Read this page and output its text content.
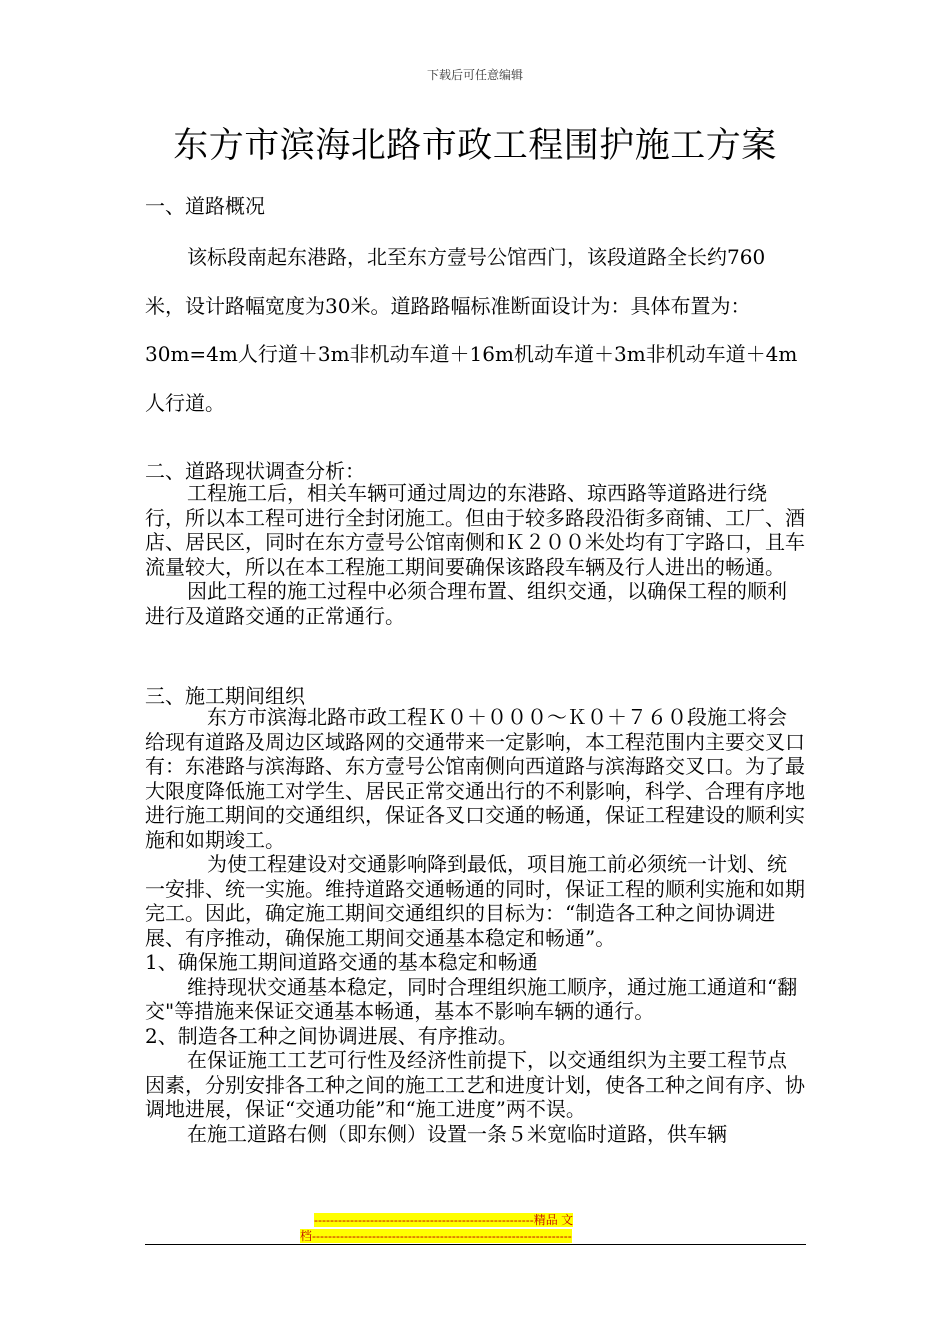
下载后可任意编辑
东方市滨海北路市政工程围护施工方案
一、道路概况
该标段南起东港路，北至东方壹号公馆西门，该段道路全长约760米，设计路幅宽度为30米。道路路幅标准断面设计为：具体布置为：30m=4m人行道＋3m非机动车道＋16m机动车道＋3m非机动车道＋4m人行道。
二、道路现状调查分析：

工程施工后，相关车辆可通过周边的东港路、琼西路等道路进行绕行，所以本工程可进行全封闭施工。但由于较多路段沿街多商铺、工厂、酒店、居民区，同时在东方壹号公馆南侧和Ｋ２００米处均有丁字路口，且车流量较大，所以在本工程施工期间要确保该路段车辆及行人进出的畅通。

因此工程的施工过程中必须合理布置、组织交通，以确保工程的顺利进行及道路交通的正常通行。

三、施工期间组织

东方市滨海北路市政工程Ｋ０＋０００～Ｋ０＋７６０段施工将会给现有道路及周边区域路网的交通带来一定影响，本工程范围内主要交叉口有：东港路与滨海路、东方壹号公馆南侧向西道路与滨海路交叉口。为了最大限度降低施工对学生、居民正常交通出行的不利影响，科学、合理有序地进行施工期间的交通组织，保证各叉口交通的畅通，保证工程建设的顺利实施和如期竣工。

为使工程建设对交通影响降到最低，项目施工前必须统一计划、统一安排、统一实施。维持道路交通畅通的同时，保证工程的顺利实施和如期完工。因此，确定施工期间交通组织的目标为：“制造各工种之间协调进展、有序推动，确保施工期间交通基本稳定和畅通”。

1、确保施工期间道路交通的基本稳定和畅通

维持现状交通基本稳定，同时合理组织施工顺序，通过施工通道和“翻交"等措施来保证交通基本畅通，基本不影响车辆的通行。

2、制造各工种之间协调进展、有序推动。

在保证施工工艺可行性及经济性前提下，以交通组织为主要工程节点因素，分别安排各工种之间的施工工艺和进度计划，使各工种之间有序、协调地进展，保证“交通功能”和“施工进度”两不误。

在施工道路右侧（即东侧）设置一条５米宽临时道路，供车辆

-------------------------------------------------------精品 文
档-----------------------------------------------------------------
